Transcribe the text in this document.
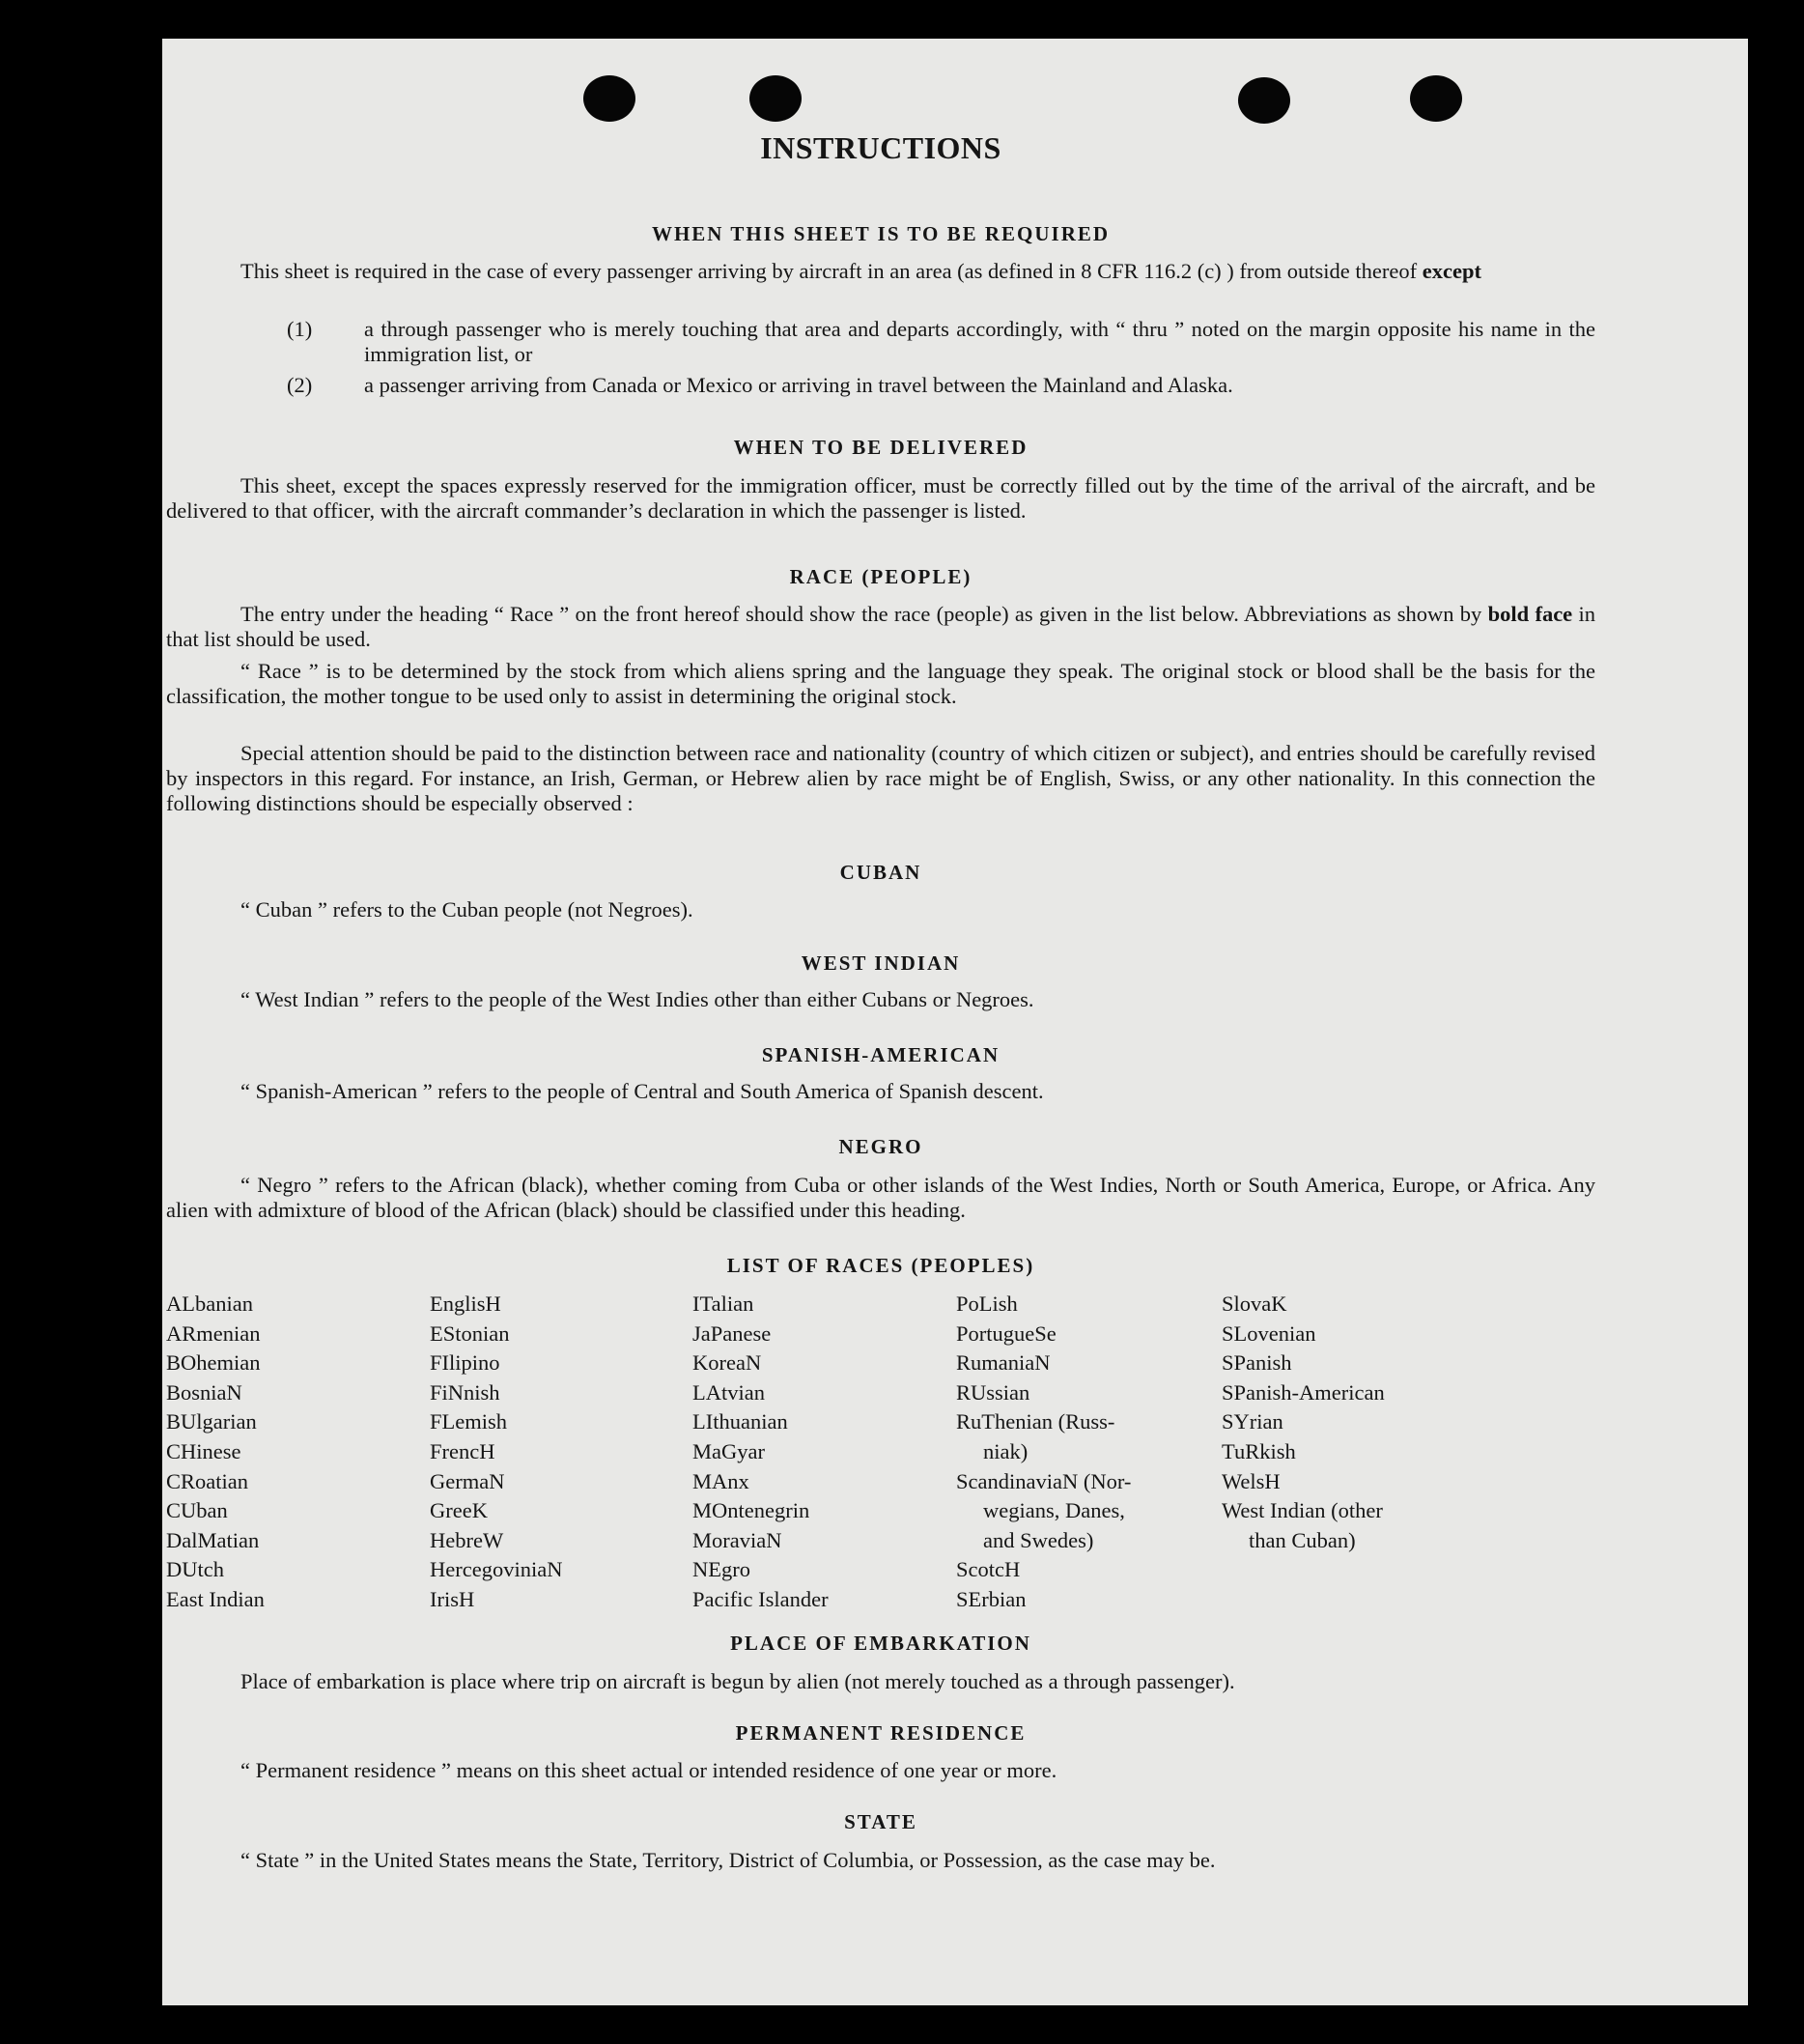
INSTRUCTIONS
WHEN THIS SHEET IS TO BE REQUIRED
This sheet is required in the case of every passenger arriving by aircraft in an area (as defined in 8 CFR 116.2 (c) ) from outside thereof except
(1)	a through passenger who is merely touching that area and departs accordingly, with “ thru ” noted on the margin opposite his name in the immigration list, or
(2)	a passenger arriving from Canada or Mexico or arriving in travel between the Mainland and Alaska.
WHEN TO BE DELIVERED
This sheet, except the spaces expressly reserved for the immigration officer, must be correctly filled out by the time of the arrival of the aircraft, and be delivered to that officer, with the aircraft commander’s declaration in which the passenger is listed.
RACE (PEOPLE)
The entry under the heading “ Race ” on the front hereof should show the race (people) as given in the list below. Abbreviations as shown by bold face in that list should be used.
“ Race ” is to be determined by the stock from which aliens spring and the language they speak. The original stock or blood shall be the basis for the classification, the mother tongue to be used only to assist in determining the original stock.
Special attention should be paid to the distinction between race and nationality (country of which citizen or subject), and entries should be carefully revised by inspectors in this regard. For instance, an Irish, German, or Hebrew alien by race might be of English, Swiss, or any other nationality. In this connection the following distinctions should be especially observed :
CUBAN
“ Cuban ” refers to the Cuban people (not Negroes).
WEST INDIAN
“ West Indian ” refers to the people of the West Indies other than either Cubans or Negroes.
SPANISH-AMERICAN
“ Spanish-American ” refers to the people of Central and South America of Spanish descent.
NEGRO
“ Negro ” refers to the African (black), whether coming from Cuba or other islands of the West Indies, North or South America, Europe, or Africa. Any alien with admixture of blood of the African (black) should be classified under this heading.
LIST OF RACES (PEOPLES)
ALbanian
ARmenian
BOhemian
BosniaN
BUlgarian
CHinese
CRoatian
CUban
DalMatian
DUtch
East Indian
EnglisH
EStonian
FIlipino
FiNnish
FLemish
FrencH
GermaN
GreeK
HebreW
HercegoviniaN
IrisH
ITalian
JaPanese
KoreaN
LAtvian
LIthuanian
MaGyar
MAnx
MOntenegrin
MoraviaN
NEgro
Pacific Islander
PoLish
PortugueSe
RumaniaN
RUssian
RuThenian (Russ-
niak)
ScandinaviaN (Nor-
wegians, Danes,
and Swedes)
ScotcH
SErbian
SlovaK
SLovenian
SPanish
SPanish-American
SYrian
TuRkish
WelsH
West Indian (other
than Cuban)
PLACE OF EMBARKATION
Place of embarkation is place where trip on aircraft is begun by alien (not merely touched as a through passenger).
PERMANENT RESIDENCE
“ Permanent residence ” means on this sheet actual or intended residence of one year or more.
STATE
“ State ” in the United States means the State, Territory, District of Columbia, or Possession, as the case may be.
